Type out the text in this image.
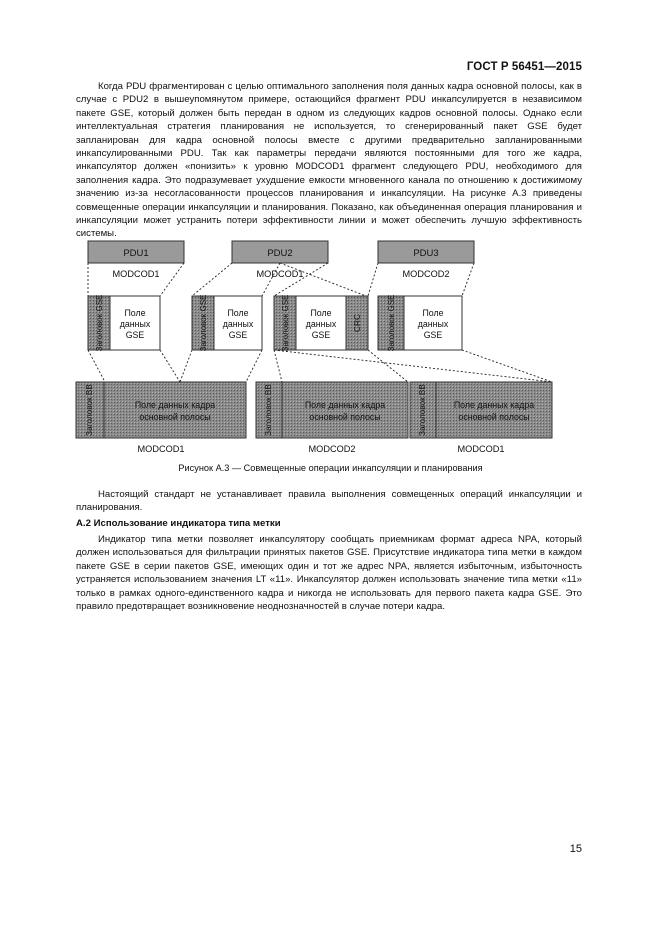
ГОСТ Р 56451—2015

Когда PDU фрагментирован с целью оптимального заполнения поля данных кадра основной полосы, как в случае с PDU2 в вышеупомянутом примере, остающийся фрагмент PDU инкапсулируется в независимом пакете GSE, который должен быть передан в одном из следующих кадров основной полосы. Однако если интеллектуальная стратегия планирования не используется, то сгенерированный пакет GSE будет запланирован для кадра основной полосы вместе с другими предварительно запланированными инкапсулированными PDU. Так как параметры передачи являются постоянными для того же кадра, инкапсулятор должен «понизить» к уровню MODCOD1 фрагмент следующего PDU, необходимого для заполнения кадра. Это подразумевает ухудшение емкости мгновенного канала по отношению к достижимому значению из-за несогласованности процессов планирования и инкапсуляции. На рисунке А.3 приведены совмещенные операции инкапсуляции и планирования. Показано, как объединенная операция планирования и инкапсуляции может устранить потери эффективности линии и может обеспечить лучшую эффективность системы.

PDU1	PDU2	PDU3
MODCOD1	MODCOD1	MODCOD2
Заголовок GSE Поле
данных
GSE	Заголовок GSE Поле
данных
GSE	Заголовок GSE Поле
данных
GSE
CRC	Заголовок GSE	Поле
данных
GSE
Заголовок BB	Поле данных кадра
основной полосы	Заголовок BB	Поле данных кадра
основной полосы	Заголовок BB	Поле данных кадра
основной полосы
MODCOD1	MODCOD2	MODCOD1
Рисунок А.3 — Совмещенные операции инкапсуляции и планирования

Настоящий стандарт не устанавливает правила выполнения совмещенных операций инкапсуляции и планирования.

А.2 Использование индикатора типа метки

Индикатор типа метки позволяет инкапсулятору сообщать приемникам формат адреса NPA, который должен использоваться для фильтрации принятых пакетов GSE. Присутствие индикатора типа метки в каждом пакете GSE в серии пакетов GSE, имеющих один и тот же адрес NPA, является избыточным, избыточность устраняется использованием значения LT «11». Инкапсулятор должен использовать значение типа метки «11» только в рамках одного-единственного кадра и никогда не использовать для первого пакета кадра GSE. Это правило предотвращает возникновение неоднозначностей в случае потери кадра.

15
